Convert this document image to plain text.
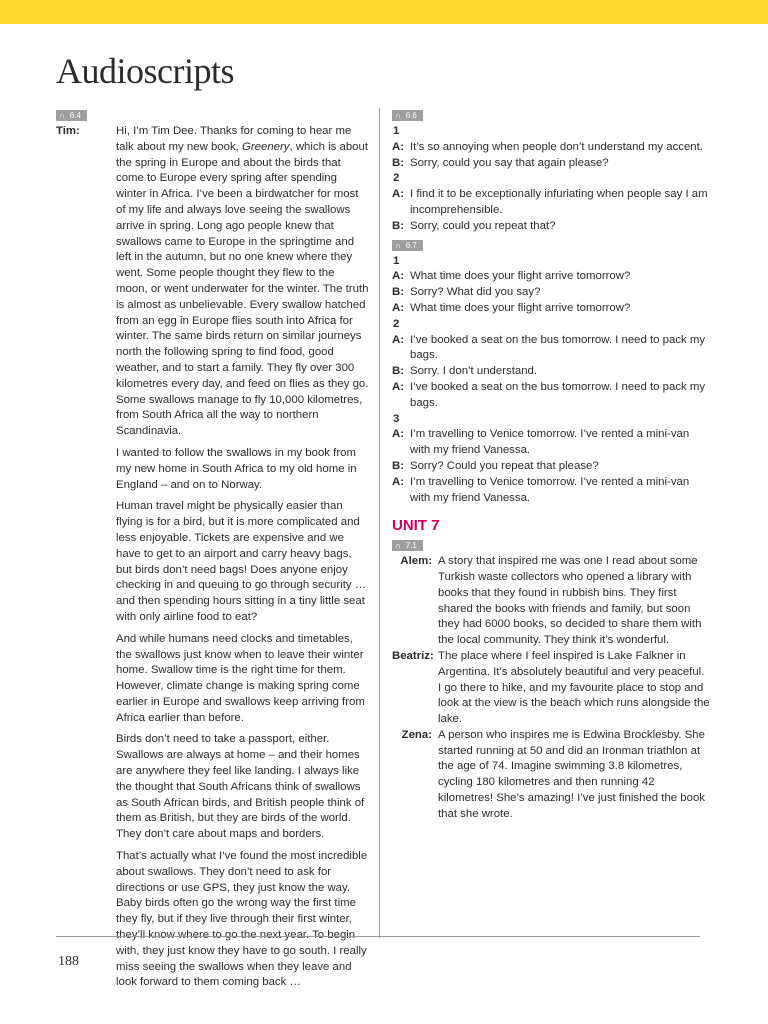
Audioscripts
∩ 6.4
Tim:	Hi, I’m Tim Dee. Thanks for coming to hear me talk about my new book, Greenery, which is about the spring in Europe and about the birds that come to Europe every spring after spending winter in Africa. I’ve been a birdwatcher for most of my life and always love seeing the swallows arrive in spring. Long ago people knew that swallows came to Europe in the springtime and left in the autumn, but no one knew where they went. Some people thought they flew to the moon, or went underwater for the winter. The truth is almost as unbelievable. Every swallow hatched from an egg in Europe flies south into Africa for winter. The same birds return on similar journeys north the following spring to find food, good weather, and to start a family. They fly over 300 kilometres every day, and feed on flies as they go. Some swallows manage to fly 10,000 kilometres, from South Africa all the way to northern Scandinavia.

I wanted to follow the swallows in my book from my new home in South Africa to my old home in England – and on to Norway.

Human travel might be physically easier than flying is for a bird, but it is more complicated and less enjoyable. Tickets are expensive and we have to get to an airport and carry heavy bags, but birds don’t need bags! Does anyone enjoy checking in and queuing to go through security … and then spending hours sitting in a tiny little seat with only airline food to eat?

And while humans need clocks and timetables, the swallows just know when to leave their winter home. Swallow time is the right time for them. However, climate change is making spring come earlier in Europe and swallows keep arriving from Africa earlier than before.

Birds don’t need to take a passport, either. Swallows are always at home – and their homes are anywhere they feel like landing. I always like the thought that South Africans think of swallows as South African birds, and British people think of them as British, but they are birds of the world. They don’t care about maps and borders.

That’s actually what I’ve found the most incredible about swallows. They don’t need to ask for directions or use GPS, they just know the way. Baby birds often go the wrong way the first time they fly, but if they live through their first winter, with, they just know they have to go south. I really miss seeing the swallows when they leave and look forward to them coming back …

∩ 6.6

1

A: It’s so annoying when people don’t understand my accent.

B: Sorry, could you say that again please?

2

A: I find it to be exceptionally infuriating when people say I am incomprehensible.

B: Sorry, could you repeat that?

∩ 6.7

1

A: What time does your flight arrive tomorrow?

B: Sorry? What did you say?

A: What time does your flight arrive tomorrow?

2

A: I’ve booked a seat on the bus tomorrow. I need to pack my bags.

B: Sorry. I don’t understand.

A: I’ve booked a seat on the bus tomorrow. I need to pack my bags.

3

A: I’m travelling to Venice tomorrow. I’ve rented a mini-van with my friend Vanessa.

B: Sorry? Could you repeat that please?

A: I’m travelling to Venice tomorrow. I’ve rented a mini-van with my friend Vanessa.

UNIT 7
∩ 7.1
Alem: A story that inspired me was one I read about some Turkish waste collectors who opened a library with books that they found in rubbish bins. They first shared the books with friends and family, but soon they had 6000 books, so decided to share them with the local community. They think it’s wonderful.

Beatriz: The place where I feel inspired is Lake Falkner in Argentina. It’s absolutely beautiful and very peaceful. I go there to hike, and my favourite place to stop and look at the view is the beach which runs alongside the lake.

Zena: A person who inspires me is Edwina Brocklesby. She started running at 50 and did an Ironman triathlon at the age of 74. Imagine swimming 3.8 kilometres, cycling 180 kilometres and then running 42 kilometres! She’s amazing! I’ve just finished the book that she wrote.

188
